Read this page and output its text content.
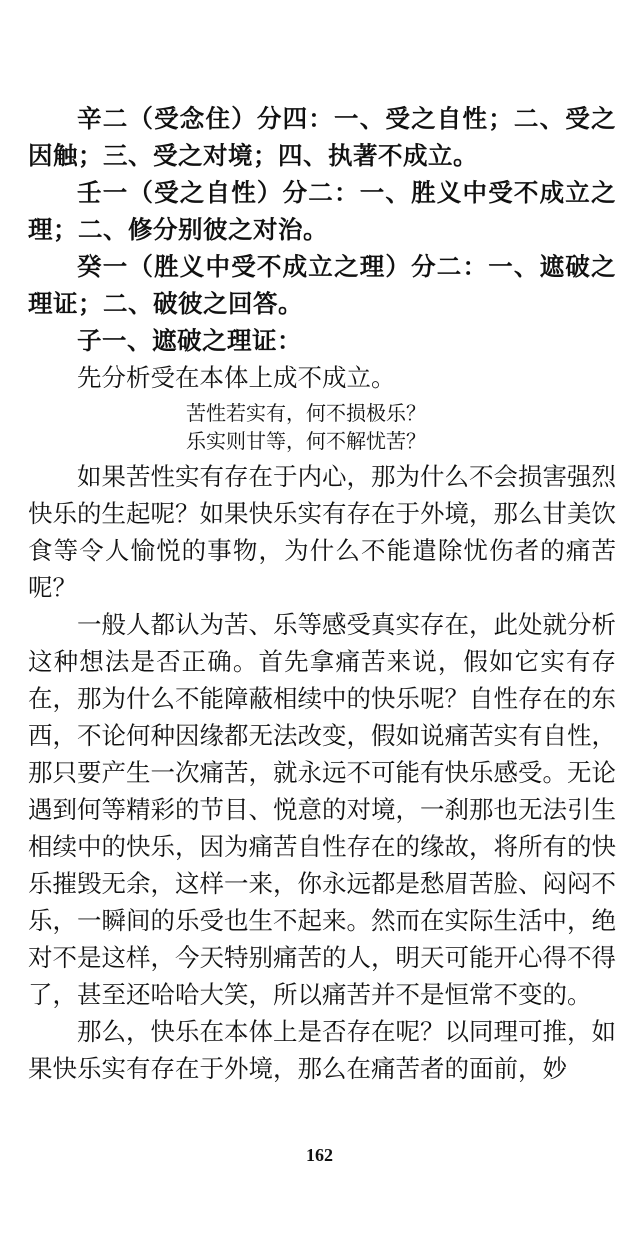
辛二（受念住）分四：一、受之自性；二、受之因触；三、受之对境；四、执著不成立。

壬一（受之自性）分二：一、胜义中受不成立之理；二、修分别彼之对治。

癸一（胜义中受不成立之理）分二：一、遮破之理证；二、破彼之回答。

子一、遮破之理证：

先分析受在本体上成不成立。

苦性若实有，何不损极乐？

乐实则甘等，何不解忧苦？

如果苦性实有存在于内心，那为什么不会损害强烈快乐的生起呢？如果快乐实有存在于外境，那么甘美饮食等令人愉悦的事物，为什么不能遣除忧伤者的痛苦呢？

一般人都认为苦、乐等感受真实存在，此处就分析这种想法是否正确。首先拿痛苦来说，假如它实有存在，那为什么不能障蔽相续中的快乐呢？自性存在的东西，不论何种因缘都无法改变，假如说痛苦实有自性，那只要产生一次痛苦，就永远不可能有快乐感受。无论遇到何等精彩的节目、悦意的对境，一刹那也无法引生相续中的快乐，因为痛苦自性存在的缘故，将所有的快乐摧毁无余，这样一来，你永远都是愁眉苦脸、闷闷不乐，一瞬间的乐受也生不起来。然而在实际生活中，绝对不是这样，今天特别痛苦的人，明天可能开心得不得了，甚至还哈哈大笑，所以痛苦并不是恒常不变的。

那么，快乐在本体上是否存在呢？以同理可推，如果快乐实有存在于外境，那么在痛苦者的面前，妙

162
